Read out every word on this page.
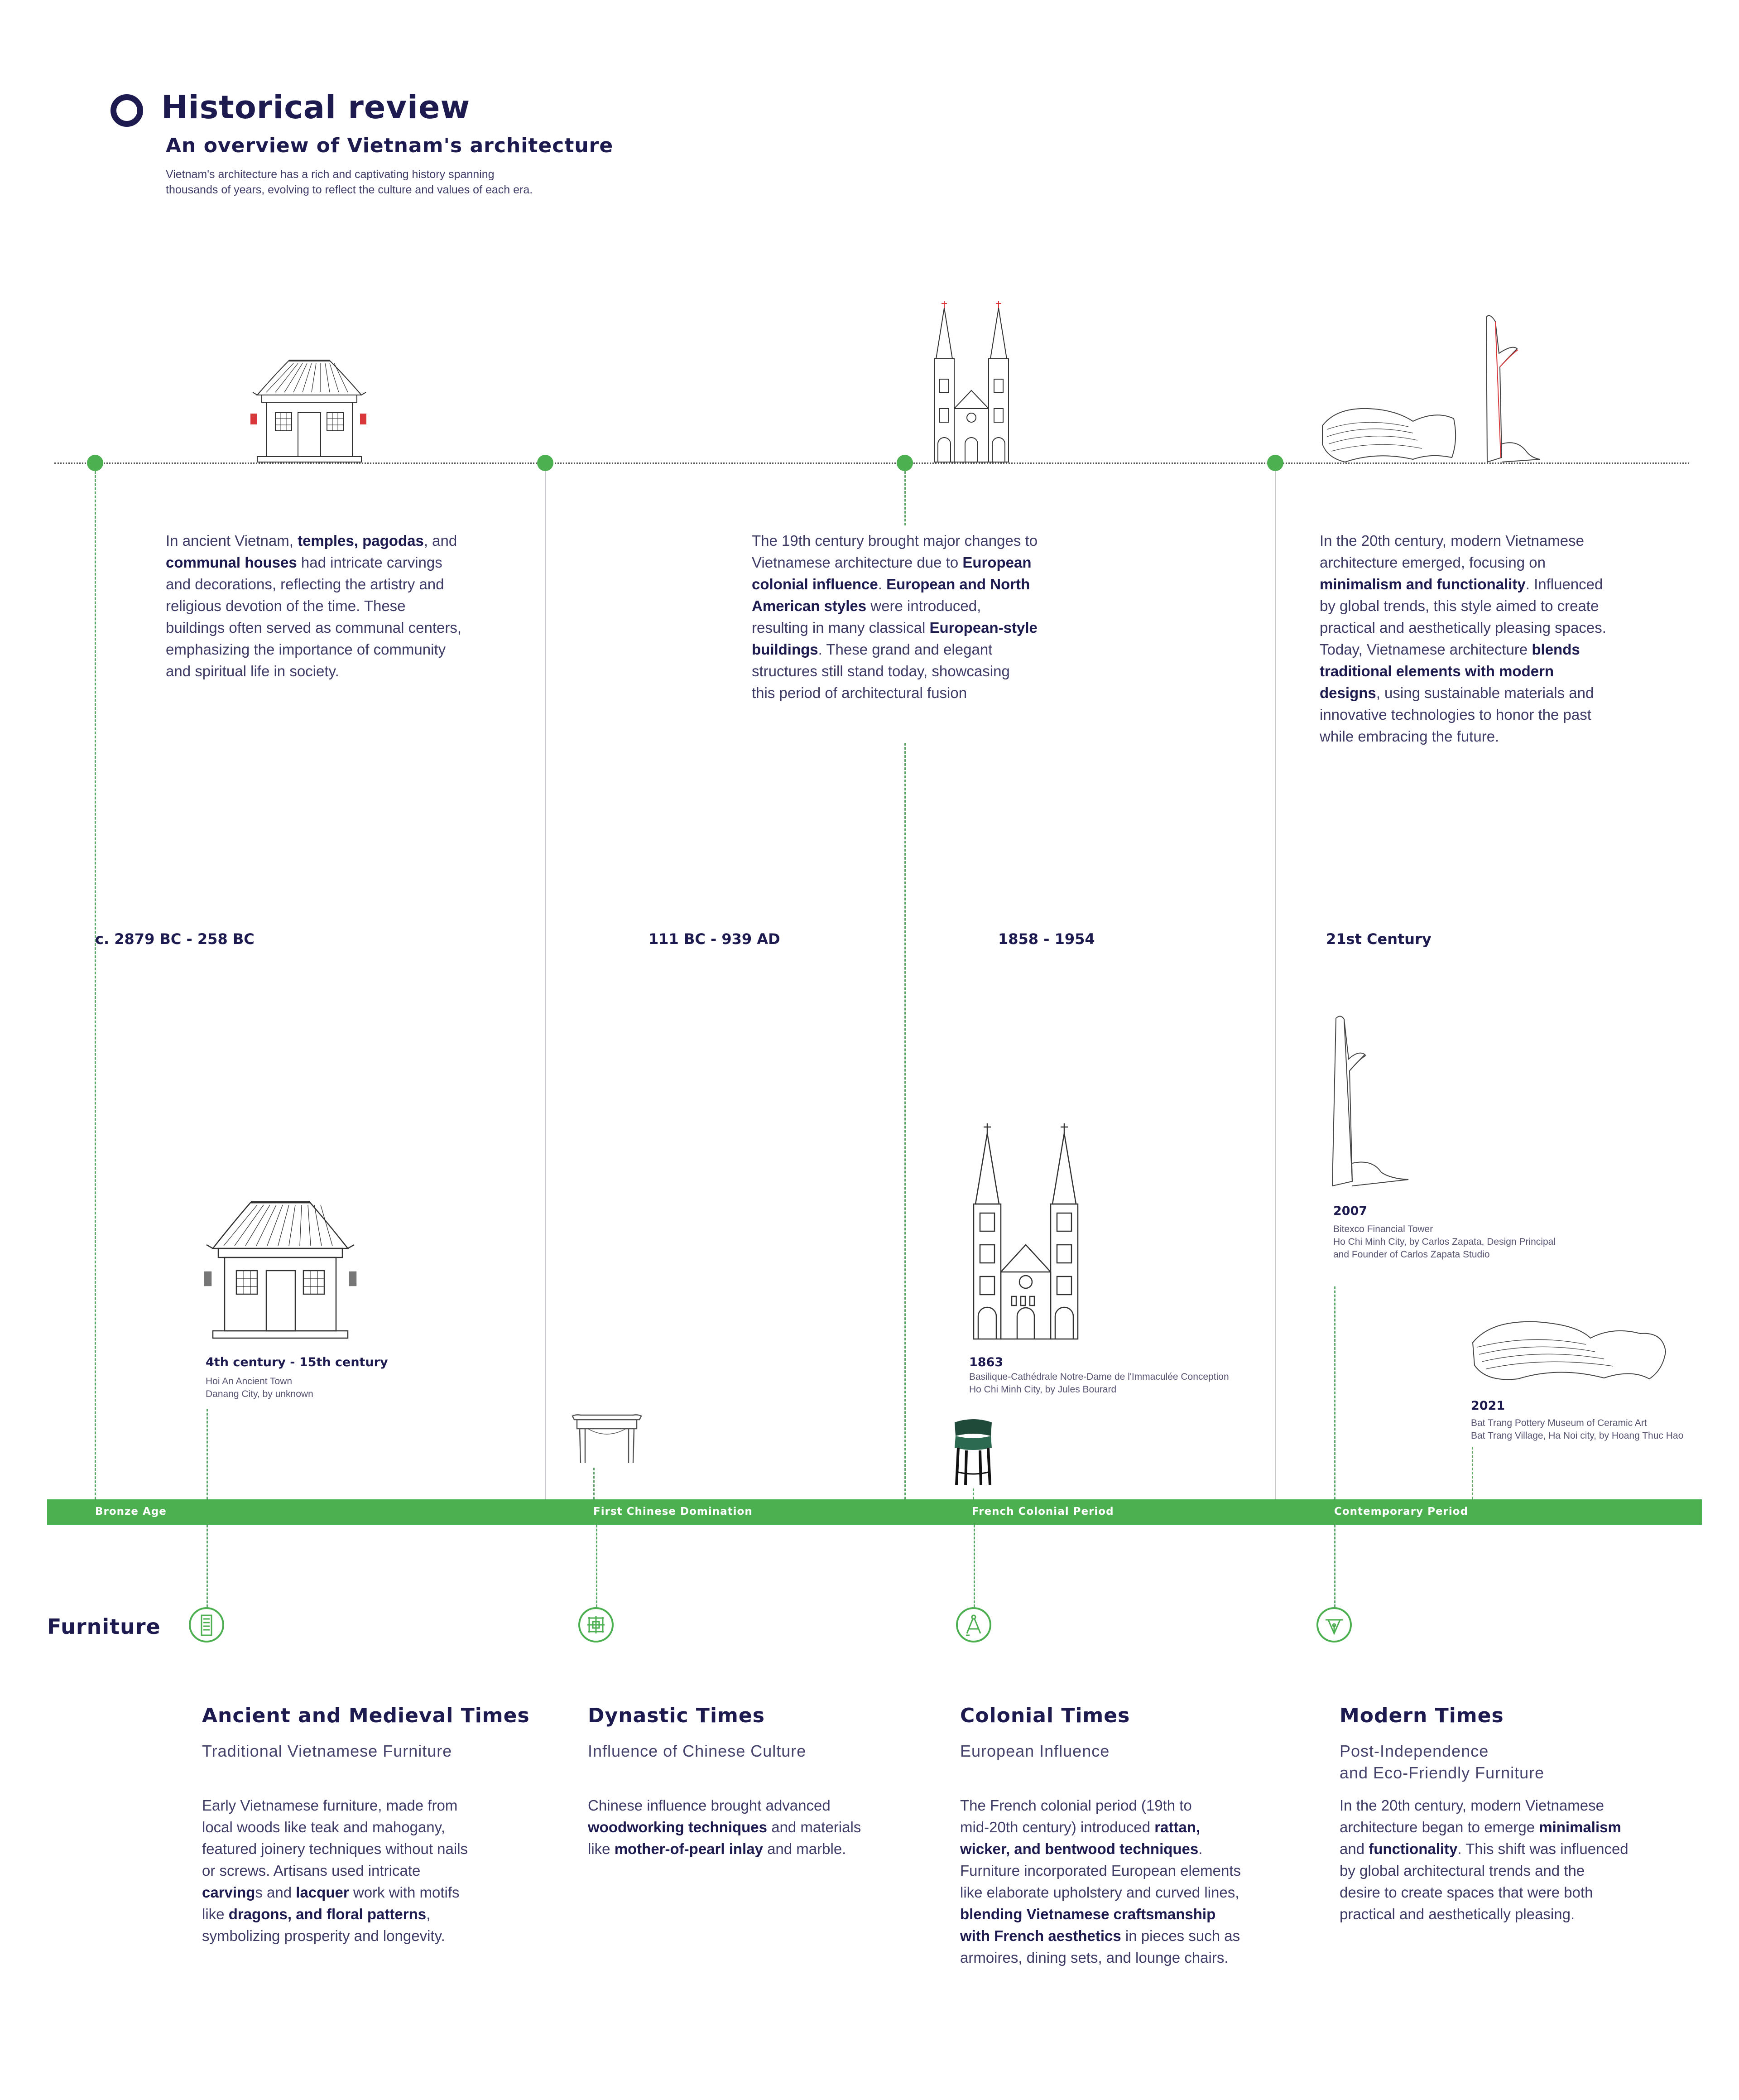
Historical review
An overview of Vietnam's architecture
Vietnam's architecture has a rich and captivating history spanning
thousands of years, evolving to reflect the culture and values of each era.
In ancient Vietnam, temples, pagodas, and
communal houses had intricate carvings
and decorations, reflecting the artistry and
religious devotion of the time. These
buildings often served as communal centers,
emphasizing the importance of community
and spiritual life in society.
The 19th century brought major changes to
Vietnamese architecture due to European
colonial influence. European and North
American styles were introduced,
resulting in many classical European-style
buildings. These grand and elegant
structures still stand today, showcasing
this period of architectural fusion
In the 20th century, modern Vietnamese
architecture emerged, focusing on
minimalism and functionality. Influenced
by global trends, this style aimed to create
practical and aesthetically pleasing spaces.
Today, Vietnamese architecture blends
traditional elements with modern
designs, using sustainable materials and
innovative technologies to honor the past
while embracing the future.
c. 2879 BC - 258 BC	111 BC - 939 AD	1858 - 1954	21st Century
4th century - 15th century
Hoi An Ancient Town
Danang City, by unknown
1863
Basilique-Cathédrale Notre-Dame de l'Immaculée Conception
Ho Chi Minh City, by Jules Bourard
2007
Bitexco Financial Tower
Ho Chi Minh City, by Carlos Zapata, Design Principal
and Founder of Carlos Zapata Studio
2021
Bat Trang Pottery Museum of Ceramic Art
Bat Trang Village, Ha Noi city, by Hoang Thuc Hao
Bronze Age	First Chinese Domination	French Colonial Period	Contemporary Period
Furniture
Ancient and Medieval Times
Traditional Vietnamese Furniture
Early Vietnamese furniture, made from
local woods like teak and mahogany,
featured joinery techniques without nails
or screws. Artisans used intricate
carvings and lacquer work with motifs
like dragons, and floral patterns,
symbolizing prosperity and longevity.
Dynastic Times
Influence of Chinese Culture
Chinese influence brought advanced
woodworking techniques and materials
like mother-of-pearl inlay and marble.
Colonial Times
European Influence
The French colonial period (19th to
mid-20th century) introduced rattan,
wicker, and bentwood techniques.
Furniture incorporated European elements
like elaborate upholstery and curved lines,
blending Vietnamese craftsmanship
with French aesthetics in pieces such as
armoires, dining sets, and lounge chairs.
Modern Times
Post-Independence
and Eco-Friendly Furniture
In the 20th century, modern Vietnamese
architecture began to emerge minimalism
and functionality. This shift was influenced
by global architectural trends and the
desire to create spaces that were both
practical and aesthetically pleasing.
